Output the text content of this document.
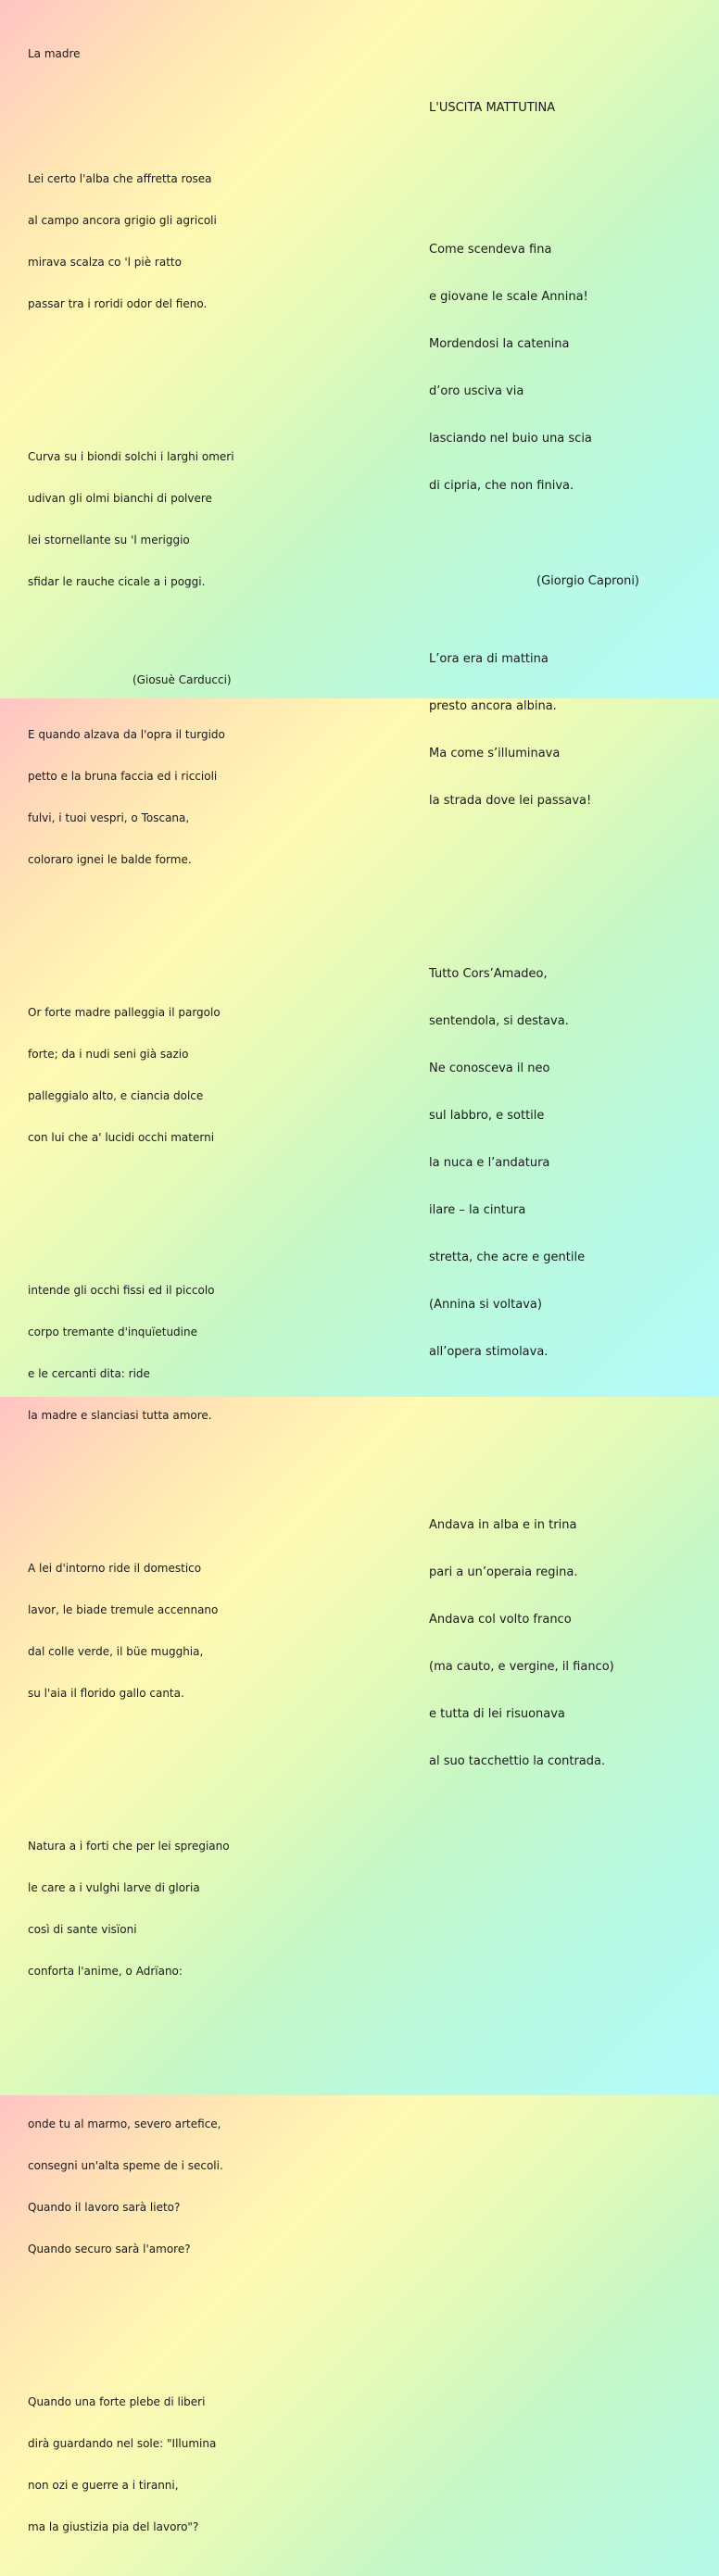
La madre

Lei certo l'alba che affretta rosea

al campo ancora grigio gli agricoli

mirava scalza co 'l piè ratto

passar tra i roridi odor del fieno.

Curva su i biondi solchi i larghi omeri

udivan gli olmi bianchi di polvere

lei stornellante su 'l meriggio

sfidar le rauche cicale a i poggi.

E quando alzava da l'opra il turgido

petto e la bruna faccia ed i riccioli

fulvi, i tuoi vespri, o Toscana,

coloraro ignei le balde forme.

Or forte madre palleggia il pargolo

forte; da i nudi seni già sazio

palleggialo alto, e ciancia dolce

con lui che a' lucidi occhi materni

intende gli occhi fissi ed il piccolo

corpo tremante d'inquïetudine

e le cercanti dita: ride

la madre e slanciasi tutta amore.

A lei d'intorno ride il domestico

lavor, le biade tremule accennano

dal colle verde, il büe mugghia,

su l'aia il florido gallo canta.

Natura a i forti che per lei spregiano

le care a i vulghi larve di gloria

così di sante visïoni

conforta l'anime, o Adrïano:

onde tu al marmo, severo artefice,

consegni un'alta speme de i secoli.

Quando il lavoro sarà lieto?

Quando securo sarà l'amore?

Quando una forte plebe di liberi

dirà guardando nel sole: "Illumina

non ozi e guerre a i tiranni,

ma la giustizia pia del lavoro"?

(Giosuè Carducci)

L'USCITA MATTUTINA

Come scendeva fina

e giovane le scale Annina!

Mordendosi la catenina

d’oro usciva via

lasciando nel buio una scia

di cipria, che non finiva.

L’ora era di mattina

presto ancora albina.

Ma come s’illuminava

la strada dove lei passava!

Tutto Cors’Amadeo,

sentendola, si destava.

Ne conosceva il neo

sul labbro, e sottile

la nuca e l’andatura

ilare – la cintura

stretta, che acre e gentile

(Annina si voltava)

all’opera stimolava.

Andava in alba e in trina

pari a un’operaia regina.

Andava col volto franco

(ma cauto, e vergine, il fianco)

e tutta di lei risuonava

al suo tacchettio la contrada.

(Giorgio Caproni)
